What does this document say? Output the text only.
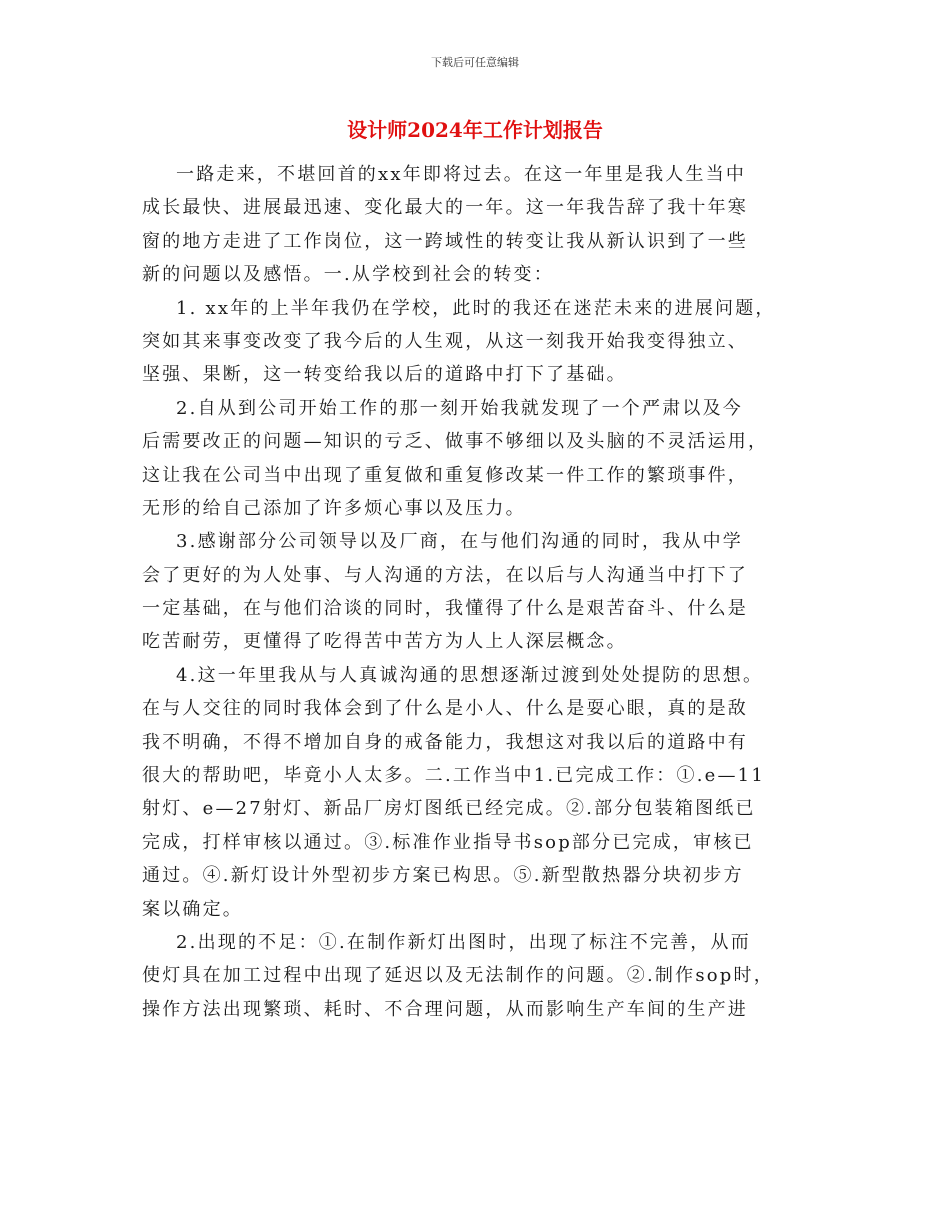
下载后可任意编辑
设计师2024年工作计划报告
一路走来，不堪回首的xx年即将过去。在这一年里是我人生当中
成长最快、进展最迅速、变化最大的一年。这一年我告辞了我十年寒
窗的地方走进了工作岗位，这一跨域性的转变让我从新认识到了一些
新的问题以及感悟。一.从学校到社会的转变：
1. xx年的上半年我仍在学校，此时的我还在迷茫未来的进展问题，
突如其来事变改变了我今后的人生观，从这一刻我开始我变得独立、
坚强、果断，这一转变给我以后的道路中打下了基础。
2.自从到公司开始工作的那一刻开始我就发现了一个严肃以及今
后需要改正的问题—知识的亏乏、做事不够细以及头脑的不灵活运用，
这让我在公司当中出现了重复做和重复修改某一件工作的繁琐事件，
无形的给自己添加了许多烦心事以及压力。
3.感谢部分公司领导以及厂商，在与他们沟通的同时，我从中学
会了更好的为人处事、与人沟通的方法，在以后与人沟通当中打下了
一定基础，在与他们洽谈的同时，我懂得了什么是艰苦奋斗、什么是
吃苦耐劳，更懂得了吃得苦中苦方为人上人深层概念。
4.这一年里我从与人真诚沟通的思想逐渐过渡到处处提防的思想。
在与人交往的同时我体会到了什么是小人、什么是耍心眼，真的是敌
我不明确，不得不增加自身的戒备能力，我想这对我以后的道路中有
很大的帮助吧，毕竟小人太多。二.工作当中1.已完成工作：①.e—11
射灯、e—27射灯、新品厂房灯图纸已经完成。②.部分包装箱图纸已
完成，打样审核以通过。③.标准作业指导书sop部分已完成，审核已
通过。④.新灯设计外型初步方案已构思。⑤.新型散热器分块初步方
案以确定。
2.出现的不足：①.在制作新灯出图时，出现了标注不完善，从而
使灯具在加工过程中出现了延迟以及无法制作的问题。②.制作sop时，
操作方法出现繁琐、耗时、不合理问题，从而影响生产车间的生产进
